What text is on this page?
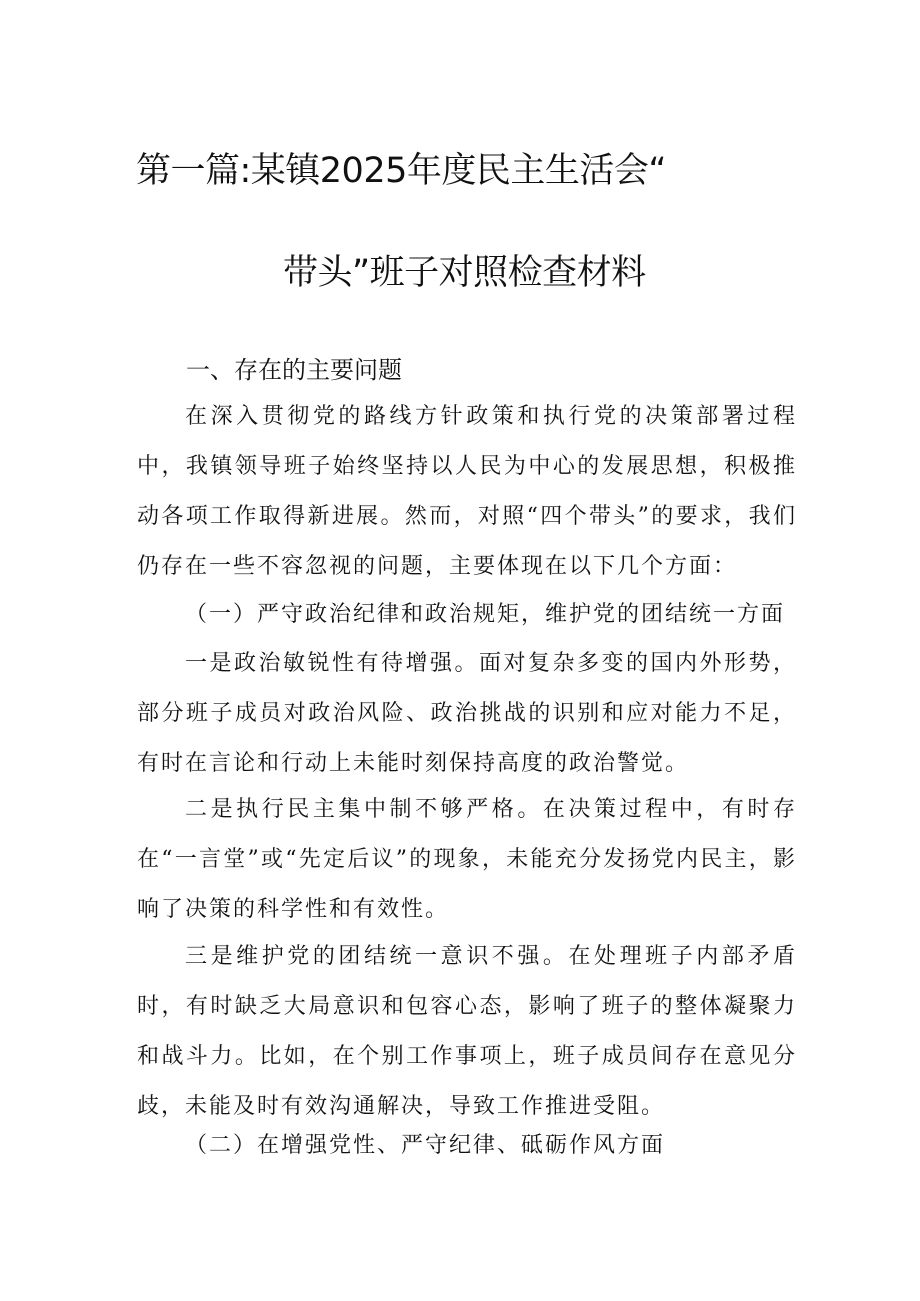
第一篇:某镇2025年度民主生活会“
带头”班子对照检查材料
一、存在的主要问题

在深入贯彻党的路线方针政策和执行党的决策部署过程中，我镇领导班子始终坚持以人民为中心的发展思想，积极推动各项工作取得新进展。然而，对照“四个带头”的要求，我们仍存在一些不容忽视的问题，主要体现在以下几个方面：

（一）严守政治纪律和政治规矩，维护党的团结统一方面

一是政治敏锐性有待增强。面对复杂多变的国内外形势，部分班子成员对政治风险、政治挑战的识别和应对能力不足，有时在言论和行动上未能时刻保持高度的政治警觉。

二是执行民主集中制不够严格。在决策过程中，有时存在“一言堂”或“先定后议”的现象，未能充分发扬党内民主，影响了决策的科学性和有效性。

三是维护党的团结统一意识不强。在处理班子内部矛盾时，有时缺乏大局意识和包容心态，影响了班子的整体凝聚力和战斗力。比如，在个别工作事项上，班子成员间存在意见分歧，未能及时有效沟通解决，导致工作推进受阻。

（二）在增强党性、严守纪律、砥砺作风方面
